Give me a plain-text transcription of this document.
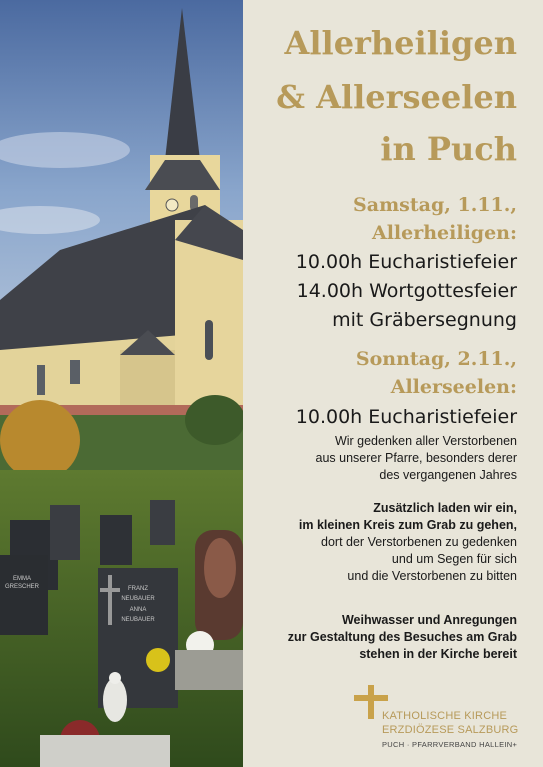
FRANZ
NEUBAUER
ANNA
NEUBAUER
EMMA
GRESCHER
Allerheiligen
& Allerseelen
in Puch
Samstag, 1.11.,
Allerheiligen:
10.00h Eucharistiefeier
14.00h Wortgottesfeier
mit Gräbersegnung
Sonntag, 2.11.,
Allerseelen:
10.00h Eucharistiefeier
Wir gedenken aller Verstorbenen
aus unserer Pfarre, besonders derer
des vergangenen Jahres
Zusätzlich laden wir ein,
im kleinen Kreis zum Grab zu gehen,
dort der Verstorbenen zu gedenken
und um Segen für sich
und die Verstorbenen zu bitten
Weihwasser und Anregungen
zur Gestaltung des Besuches am Grab
stehen in der Kirche bereit
KATHOLISCHE KIRCHE
ERZDIÖZESE SALZBURG
PUCH · PFARRVERBAND HALLEIN+
